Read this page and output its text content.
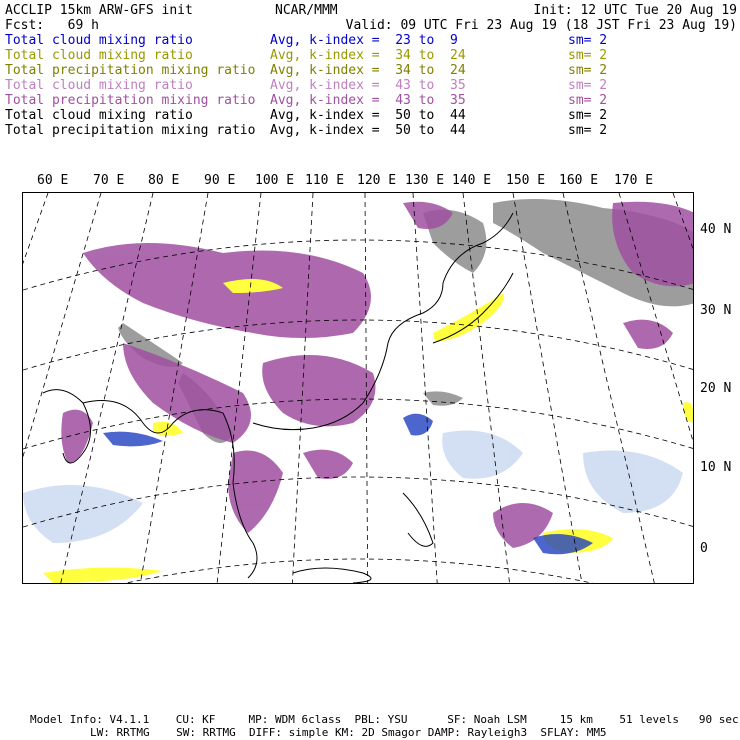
ACCLIP 15km ARW-GFS init	NCAR/MMM	Init: 12 UTC Tue 20 Aug 19
Fcst:   69 h	Valid: 09 UTC Fri 23 Aug 19 (18 JST Fri 23 Aug 19)
Total cloud mixing ratio	Avg, k-index =  23 to  9	sm= 2
Total cloud mixing ratio	Avg, k-index =  34 to  24	sm= 2
Total precipitation mixing ratio Avg, k-index =  34 to  24	sm= 2
Total cloud mixing ratio	Avg, k-index =  43 to  35	sm= 2
Total precipitation mixing ratio Avg, k-index =  43 to  35	sm= 2
Total cloud mixing ratio	Avg, k-index =  50 to  44	sm= 2
Total precipitation mixing ratio Avg, k-index =  50 to  44	sm= 2
60 E 70 E 80 E 90 E 100 E 110 E 120 E 130 E 140 E 150 E 160 E 170 E
40 N
30 N
20 N
10 N
0
Model Info: V4.1.1    CU: KF     MP: WDM 6class  PBL: YSU      SF: Noah LSM     15 km    51 levels   90 sec
LW: RRTMG    SW: RRTMG  DIFF: simple KM: 2D Smagor DAMP: Rayleigh3  SFLAY: MM5
